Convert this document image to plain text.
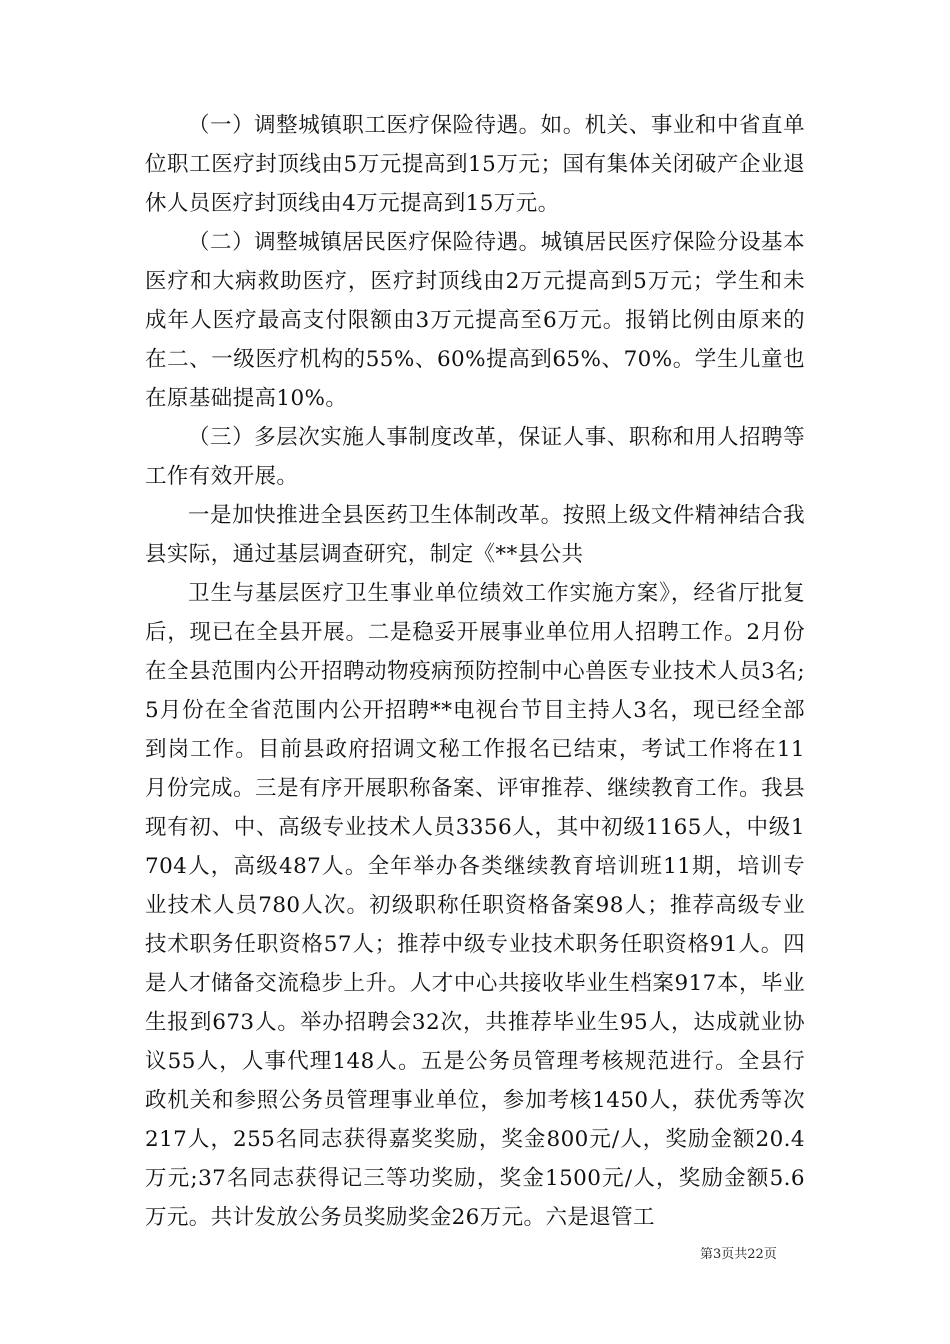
（一）调整城镇职工医疗保险待遇。如。机关、事业和中省直单位职工医疗封顶线由5万元提高到15万元；国有集体关闭破产企业退休人员医疗封顶线由4万元提高到15万元。

（二）调整城镇居民医疗保险待遇。城镇居民医疗保险分设基本医疗和大病救助医疗，医疗封顶线由2万元提高到5万元；学生和未成年人医疗最高支付限额由3万元提高至6万元。报销比例由原来的在二、一级医疗机构的55%、60%提高到65%、70%。学生儿童也在原基础提高10%。

（三）多层次实施人事制度改革，保证人事、职称和用人招聘等工作有效开展。

一是加快推进全县医药卫生体制改革。按照上级文件精神结合我县实际，通过基层调查研究，制定《**县公共

卫生与基层医疗卫生事业单位绩效工作实施方案》，经省厅批复后，现已在全县开展。二是稳妥开展事业单位用人招聘工作。2月份在全县范围内公开招聘动物疫病预防控制中心兽医专业技术人员3名;5月份在全省范围内公开招聘**电视台节目主持人3名，现已经全部到岗工作。目前县政府招调文秘工作报名已结束，考试工作将在11月份完成。三是有序开展职称备案、评审推荐、继续教育工作。我县现有初、中、高级专业技术人员3356人，其中初级1165人，中级1704人，高级487人。全年举办各类继续教育培训班11期，培训专业技术人员780人次。初级职称任职资格备案98人；推荐高级专业技术职务任职资格57人；推荐中级专业技术职务任职资格91人。四是人才储备交流稳步上升。人才中心共接收毕业生档案917本，毕业生报到673人。举办招聘会32次，共推荐毕业生95人，达成就业协议55人，人事代理148人。五是公务员管理考核规范进行。全县行政机关和参照公务员管理事业单位，参加考核1450人，获优秀等次217人，255名同志获得嘉奖奖励，奖金800元/人，奖励金额20.4万元;37名同志获得记三等功奖励，奖金1500元/人，奖励金额5.6万元。共计发放公务员奖励奖金26万元。六是退管工

第3页共22页
